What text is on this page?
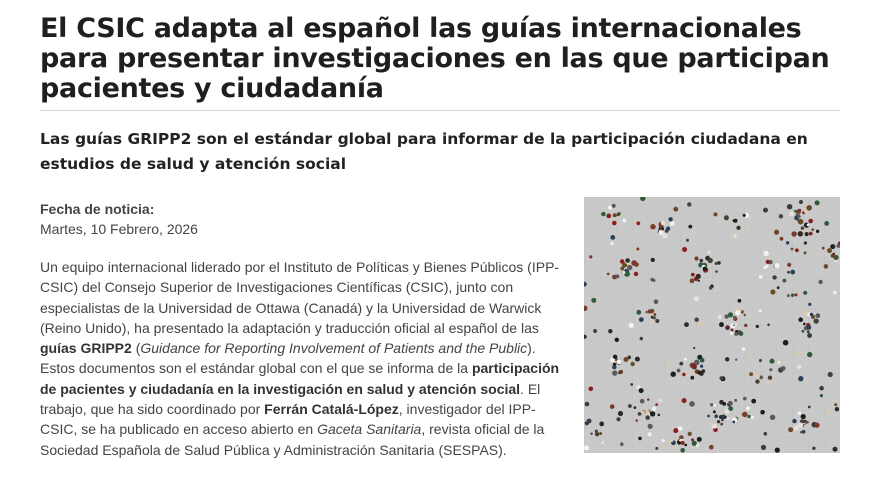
El CSIC adapta al español las guías internacionales para presentar investigaciones en las que participan pacientes y ciudadanía
Las guías GRIPP2 son el estándar global para informar de la participación ciudadana en estudios de salud y atención social
Fecha de noticia:
Martes, 10 Febrero, 2026

Un equipo internacional liderado por el Instituto de Políticas y Bienes Públicos (IPP-CSIC) del Consejo Superior de Investigaciones Científicas (CSIC), junto con especialistas de la Universidad de Ottawa (Canadá) y la Universidad de Warwick (Reino Unido), ha presentado la adaptación y traducción oficial al español de las guías GRIPP2 (Guidance for Reporting Involvement of Patients and the Public). Estos documentos son el estándar global con el que se informa de la participación de pacientes y ciudadanía en la investigación en salud y atención social. El trabajo, que ha sido coordinado por Ferrán Catalá-López, investigador del IPP-CSIC, se ha publicado en acceso abierto en Gaceta Sanitaria, revista oficial de la Sociedad Española de Salud Pública y Administración Sanitaria (SESPAS).
